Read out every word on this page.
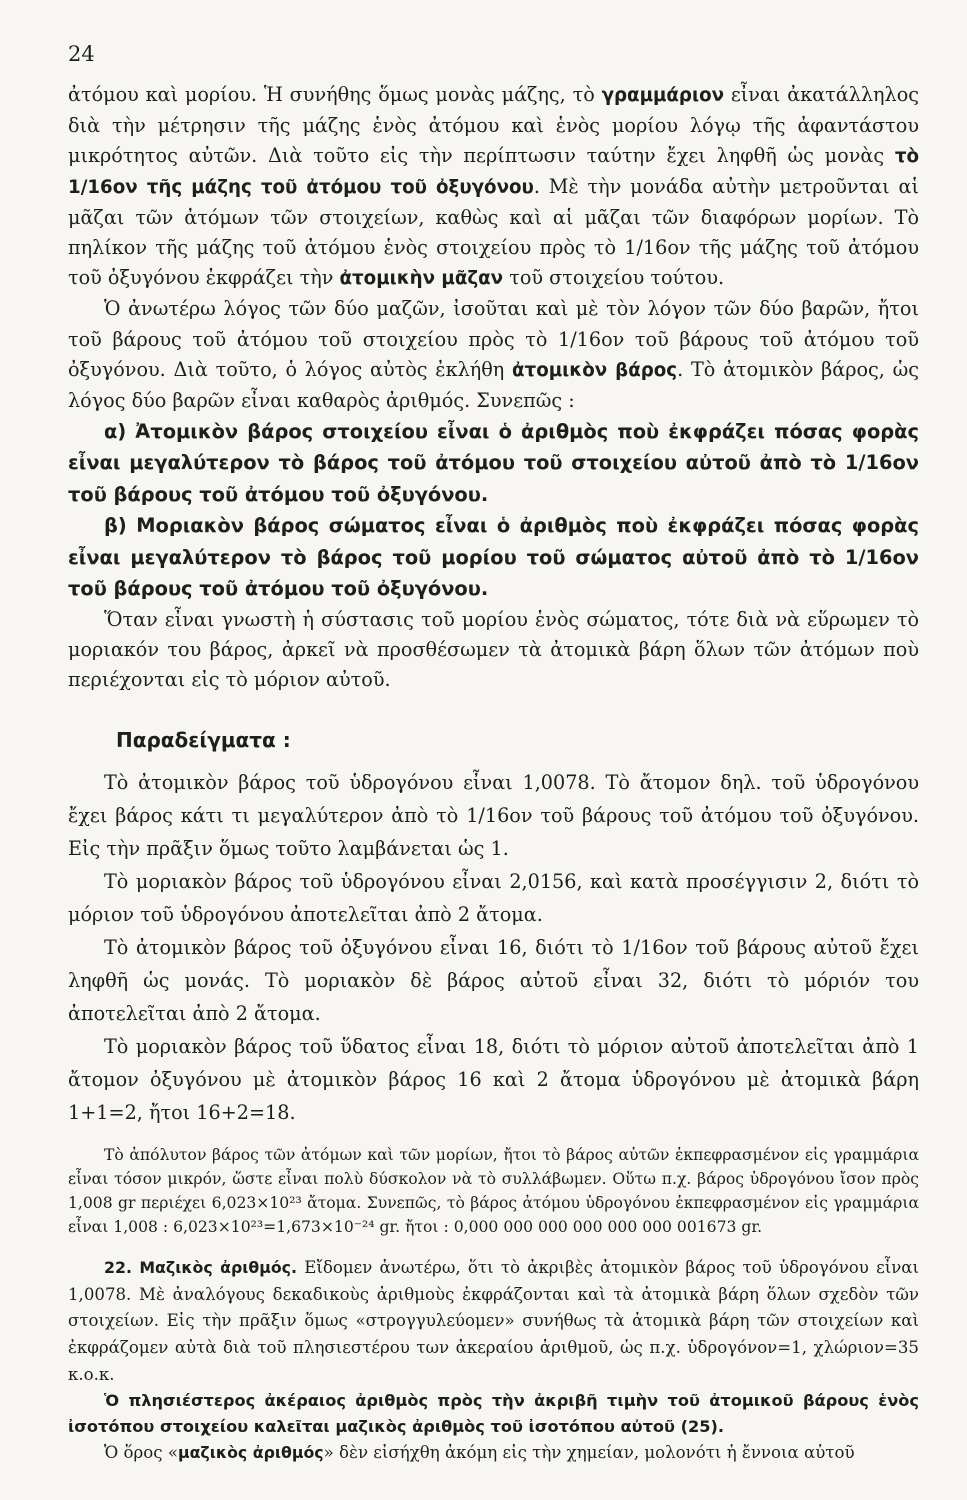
24

ἀτόμου καὶ μορίου. Ἡ συνήθης ὅμως μονὰς μάζης, τὸ γραμμάριον εἶναι ἀκατάλληλος διὰ τὴν μέτρησιν τῆς μάζης ἑνὸς ἀτόμου καὶ ἑνὸς μορίου λόγῳ τῆς ἀφαντάστου μικρότητος αὐτῶν. Διὰ τοῦτο εἰς τὴν περίπτωσιν ταύτην ἔχει ληφθῆ ὡς μονὰς τὸ 1/16ον τῆς μάζης τοῦ ἀτόμου τοῦ ὀξυγόνου. Μὲ τὴν μονάδα αὐτὴν μετροῦνται αἱ μᾶζαι τῶν ἀτόμων τῶν στοιχείων, καθὼς καὶ αἱ μᾶζαι τῶν διαφόρων μορίων. Τὸ πηλίκον τῆς μάζης τοῦ ἀτόμου ἑνὸς στοιχείου πρὸς τὸ 1/16ον τῆς μάζης τοῦ ἀτόμου τοῦ ὀξυγόνου ἐκφράζει τὴν ἀτομικὴν μᾶζαν τοῦ στοιχείου τούτου.

Ὁ ἀνωτέρω λόγος τῶν δύο μαζῶν, ἰσοῦται καὶ μὲ τὸν λόγον τῶν δύο βαρῶν, ἤτοι τοῦ βάρους τοῦ ἀτόμου τοῦ στοιχείου πρὸς τὸ 1/16ον τοῦ βάρους τοῦ ἀτόμου τοῦ ὀξυγόνου. Διὰ τοῦτο, ὁ λόγος αὐτὸς ἐκλήθη ἀτομικὸν βάρος. Τὸ ἀτομικὸν βάρος, ὡς λόγος δύο βαρῶν εἶναι καθαρὸς ἀριθμός. Συνεπῶς :

α) Ἀτομικὸν βάρος στοιχείου εἶναι ὁ ἀριθμὸς ποὺ ἐκφράζει πόσας φορὰς εἶναι μεγαλύτερον τὸ βάρος τοῦ ἀτόμου τοῦ στοιχείου αὐτοῦ ἀπὸ τὸ 1/16ον τοῦ βάρους τοῦ ἀτόμου τοῦ ὀξυγόνου.

β) Μοριακὸν βάρος σώματος εἶναι ὁ ἀριθμὸς ποὺ ἐκφράζει πόσας φορὰς εἶναι μεγαλύτερον τὸ βάρος τοῦ μορίου τοῦ σώματος αὐτοῦ ἀπὸ τὸ 1/16ον τοῦ βάρους τοῦ ἀτόμου τοῦ ὀξυγόνου.

Ὅταν εἶναι γνωστὴ ἡ σύστασις τοῦ μορίου ἑνὸς σώματος, τότε διὰ νὰ εὕρωμεν τὸ μοριακόν του βάρος, ἀρκεῖ νὰ προσθέσωμεν τὰ ἀτομικὰ βάρη ὅλων τῶν ἀτόμων ποὺ περιέχονται εἰς τὸ μόριον αὐτοῦ.

Παραδείγματα :

Τὸ ἀτομικὸν βάρος τοῦ ὑδρογόνου εἶναι 1,0078. Τὸ ἄτομον δηλ. τοῦ ὑδρογόνου ἔχει βάρος κάτι τι μεγαλύτερον ἀπὸ τὸ 1/16ον τοῦ βάρους τοῦ ἀτόμου τοῦ ὀξυγόνου. Εἰς τὴν πρᾶξιν ὅμως τοῦτο λαμβάνεται ὡς 1.

Τὸ μοριακὸν βάρος τοῦ ὑδρογόνου εἶναι 2,0156, καὶ κατὰ προσέγγισιν 2, διότι τὸ μόριον τοῦ ὑδρογόνου ἀποτελεῖται ἀπὸ 2 ἄτομα.

Τὸ ἀτομικὸν βάρος τοῦ ὀξυγόνου εἶναι 16, διότι τὸ 1/16ον τοῦ βάρους αὐτοῦ ἔχει ληφθῆ ὡς μονάς. Τὸ μοριακὸν δὲ βάρος αὐτοῦ εἶναι 32, διότι τὸ μόριόν του ἀποτελεῖται ἀπὸ 2 ἄτομα.

Τὸ μοριακὸν βάρος τοῦ ὕδατος εἶναι 18, διότι τὸ μόριον αὐτοῦ ἀποτελεῖται ἀπὸ 1 ἄτομον ὀξυγόνου μὲ ἀτομικὸν βάρος 16 καὶ 2 ἄτομα ὑδρογόνου μὲ ἀτομικὰ βάρη 1+1=2, ἤτοι 16+2=18.

Τὸ ἀπόλυτον βάρος τῶν ἀτόμων καὶ τῶν μορίων, ἤτοι τὸ βάρος αὐτῶν ἐκπεφρασμένον εἰς γραμμάρια εἶναι τόσον μικρόν, ὥστε εἶναι πολὺ δύσκολον νὰ τὸ συλλάβωμεν. Οὕτω π.χ. βάρος ὑδρογόνου ἴσον πρὸς 1,008 gr περιέχει 6,023×10²³ ἄτομα. Συνεπῶς, τὸ βάρος ἀτόμου ὑδρογόνου ἐκπεφρασμένον εἰς γραμμάρια εἶναι 1,008 : 6,023×10²³=1,673×10⁻²⁴ gr. ἤτοι : 0,000 000 000 000 000 000 001673 gr.

22. Μαζικὸς ἀριθμός. Εἴδομεν ἀνωτέρω, ὅτι τὸ ἀκριβὲς ἀτομικὸν βάρος τοῦ ὑδρογόνου εἶναι 1,0078. Μὲ ἀναλόγους δεκαδικοὺς ἀριθμοὺς ἐκφράζονται καὶ τὰ ἀτομικὰ βάρη ὅλων σχεδὸν τῶν στοιχείων. Εἰς τὴν πρᾶξιν ὅμως «στρογγυλεύομεν» συνήθως τὰ ἀτομικὰ βάρη τῶν στοιχείων καὶ ἐκφράζομεν αὐτὰ διὰ τοῦ πλησιεστέρου των ἀκεραίου ἀριθμοῦ, ὡς π.χ. ὑδρογόνον=1, χλώριον=35 κ.ο.κ.

Ὁ πλησιέστερος ἀκέραιος ἀριθμὸς πρὸς τὴν ἀκριβῆ τιμὴν τοῦ ἀτομικοῦ βάρους ἑνὸς ἰσοτόπου στοιχείου καλεῖται μαζικὸς ἀριθμὸς τοῦ ἰσοτόπου αὐτοῦ (25).

Ὁ ὅρος «μαζικὸς ἀριθμός» δὲν εἰσήχθη ἀκόμη εἰς τὴν χημείαν, μολονότι ἡ ἔννοια αὐτοῦ
